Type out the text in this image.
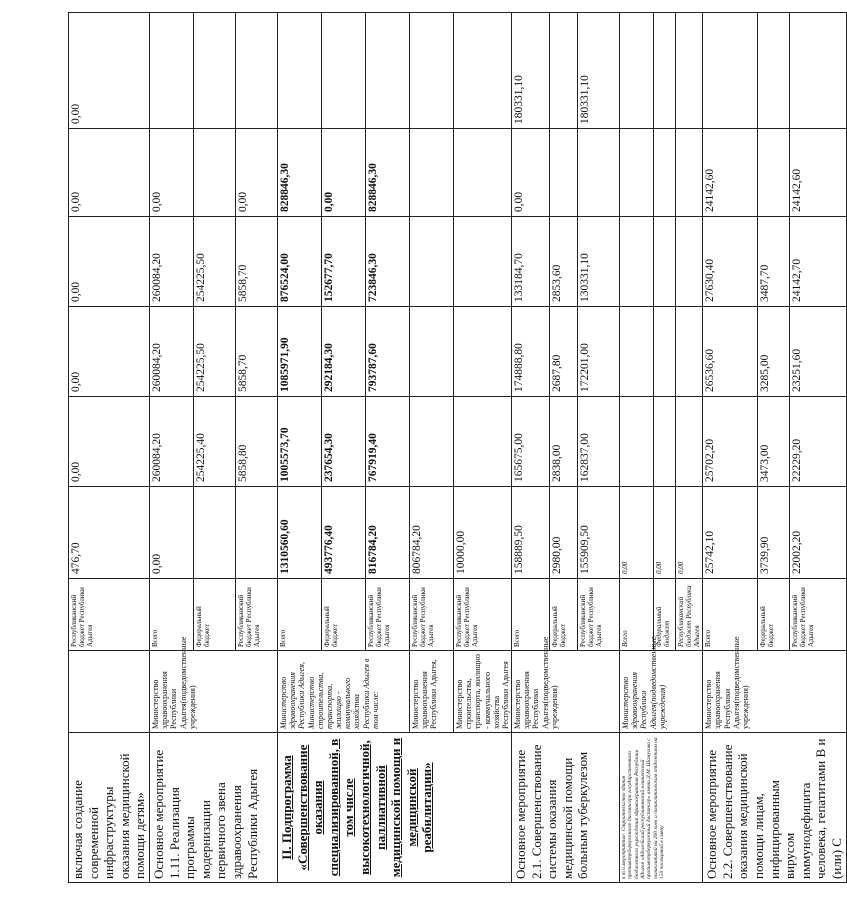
включая создание современной инфраструктуры оказания медицинской помощи детям»		Республиканский бюджет Республики Адыгея	476,70	0,00	0,00	0,00	0,00	0,00
Основное мероприятие 1.11. Реализация программы модернизации первичного звена здравоохранения Республики Адыгея	Министерство здравоохранения Республики Адыгея(подведомственные учреждения)	Всего	0,00	260084,20	260084,20	260084,20	0,00	
		Федеральный бюджет		254225,40	254225,50	254225,50		
		Республиканский бюджет Республики Адыгея		5858,80	5858,70	5858,70	0,00	
II. Подпрограмма «Совершенствование оказания специализированной, в том числе высокотехнологичной, паллиативной медицинской помощи и медицинской реабилитации»	Министерство здравоохранения Республики Адыгея, Министерство строительства, транспорта, жилищно - коммунального хозяйства Республики Адыгея в том числе:	Всего	1310560,60	1005573,70	1085971,90	876524,00	828846,30	
		Федеральный бюджет	493776,40	237654,30	292184,30	152677,70	0,00	
		Республиканский бюджет Республики Адыгея	816784,20	767919,40	793787,60	723846,30	828846,30	
	Министерство здравоохранения Республики Адыгея,	Республиканский бюджет Республики Адыгея	806784,20					
	Министерство строительства, транспорта, жилищно - коммунального хозяйства Республики Адыгея	Республиканский бюджет Республики Адыгея	10000,00					
Основное мероприятие 2.1. Совершенствование системы оказания медицинской помощи больным туберкулезом	Министерство здравоохранения Республики Адыгея(подведомственные учреждения)	Всего	158889,50	165675,00	174888,80	133184,70	0,00	180331,10
		Федеральный бюджет	2980,00	2838,00	2687,80	2853,60		
		Республиканский бюджет Республики Адыгея	155909,50	162837,00	172201,00	130331,10		180331,10
в т.ч.мероприятие: Строительство здания противотуберкулезного диспансера государственного бюджетного учреждения здравоохранения Республики Адыгея «Адыгейский республиканский клинический противотуберкулезный диспансер» имени Д.М. Шамугова с поликлиникой на 200 коек и поликлиническим отделением на 150 посещений в смену	Министерство здравоохранения Республики Адыгея(подведомственные учреждения)	Всего	0,00					
		Федеральный бюджет	0,00					
		Республиканский бюджет Республики Адыгея	0,00					
Основное мероприятие 2.2. Совершенствование оказания медицинской помощи лицам, инфицированным вирусом иммунодефицита человека, гепатитами B и (или) C	Министерство здравоохранения Республики Адыгея(подведомственные учреждения)	Всего	25742,10	25702,20	26536,60	27630,40	24142,60	
		Федеральный бюджет	3739,90	3473,00	3285,00	3487,70		
		Республиканский бюджет Республики Адыгея	22002,20	22229,20	23251,60	24142,70	24142,60	
